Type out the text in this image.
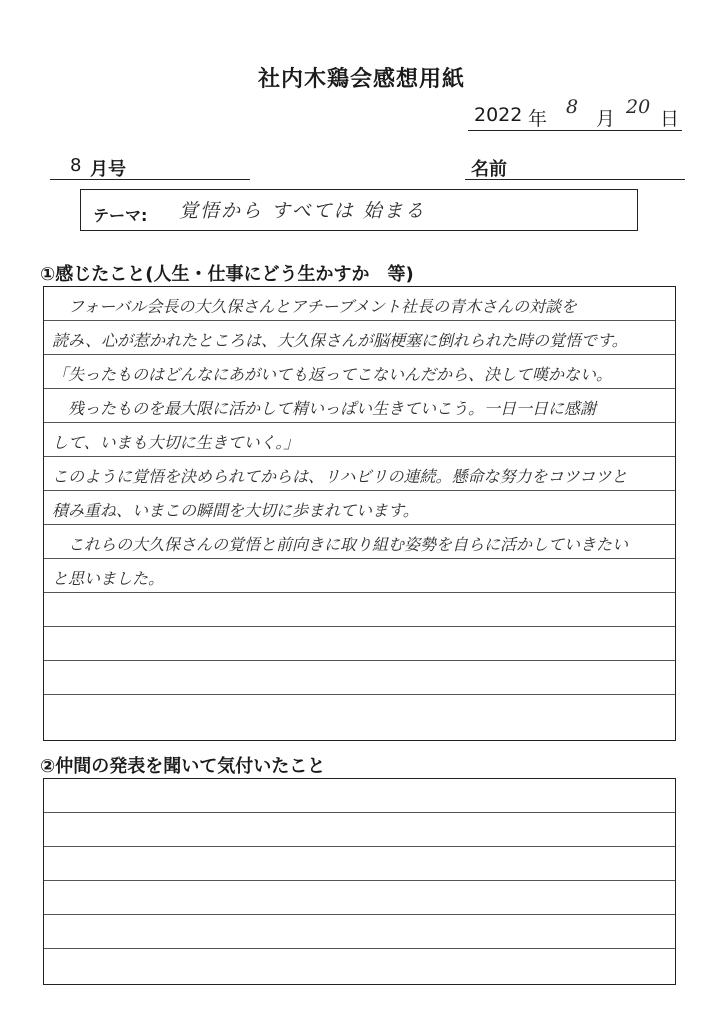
社内木鶏会感想用紙
2022 年
8
月
20
日
8 月号	名前
テーマ: 覚悟から すべては 始まる
①感じたこと(人生・仕事にどう生かすか　等)
　フォーバル会長の大久保さんとアチーブメント社長の青木さんの対談を
読み、心が惹かれたところは、大久保さんが脳梗塞に倒れられた時の覚悟です。
「失ったものはどんなにあがいても返ってこないんだから、決して嘆かない。
　残ったものを最大限に活かして精いっぱい生きていこう。一日一日に感謝
して、いまも大切に生きていく。」
このように覚悟を決められてからは、リハビリの連続。懸命な努力をコツコツと
積み重ね、いまこの瞬間を大切に歩まれています。
　これらの大久保さんの覚悟と前向きに取り組む姿勢を自らに活かしていきたい
と思いました。
②仲間の発表を聞いて気付いたこと
